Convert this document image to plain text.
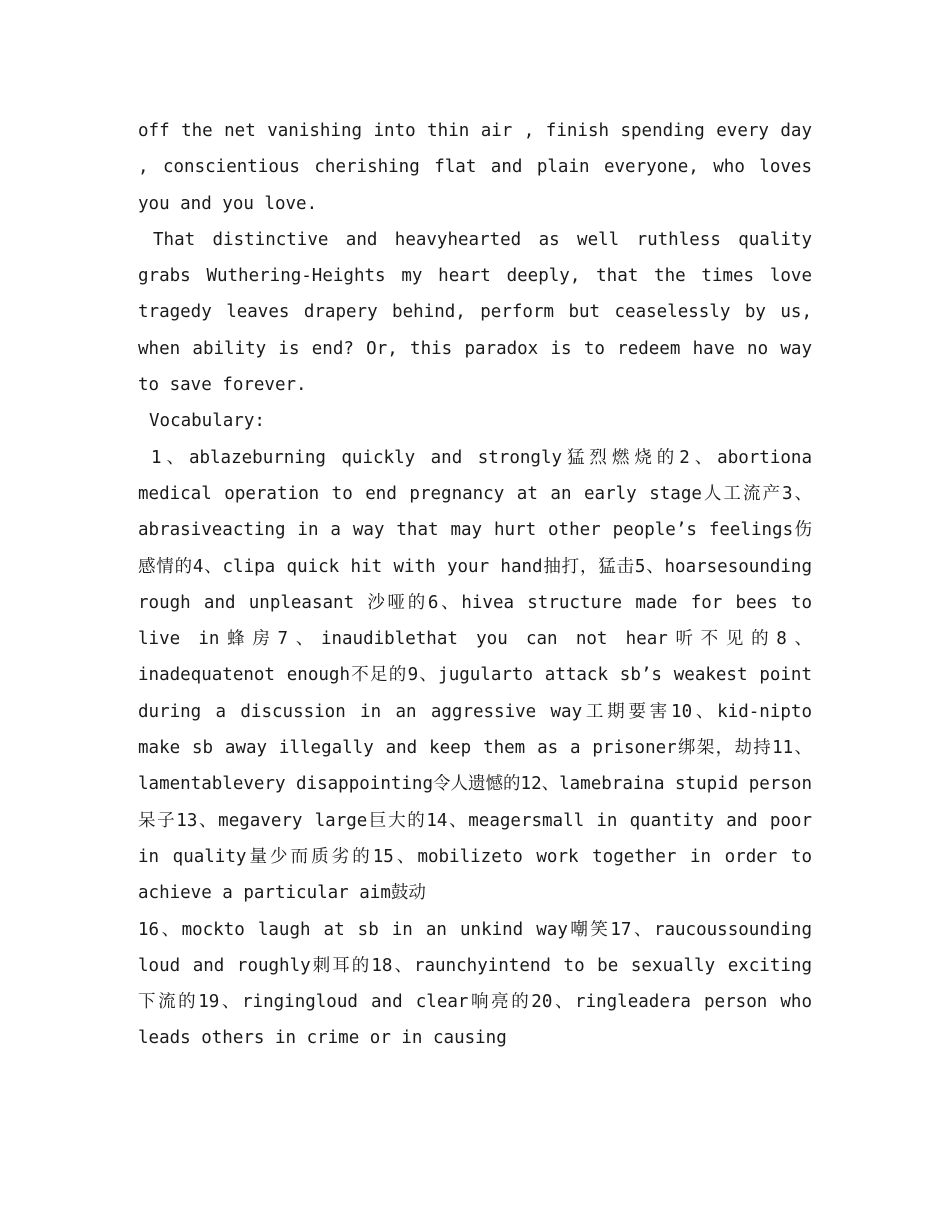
off the net vanishing into thin air , finish spending every day , conscientious cherishing flat and plain everyone, who loves you and you love.

That distinctive and heavyhearted as well ruthless quality grabs Wuthering-Heights my heart deeply, that the times love tragedy leaves drapery behind, perform but ceaselessly by us, when ability is end? Or, this paradox is to redeem have no way to save forever.

Vocabulary:

1、ablazeburning quickly and strongly猛烈燃烧的2、abortiona medical operation to end pregnancy at an early stage人工流产3、abrasiveacting in a way that may hurt other people’s feelings伤感情的4、clipa quick hit with your hand抽打，猛击5、hoarsesounding rough and unpleasant 沙哑的6、hivea structure made for bees to live in蜂房7、inaudiblethat you can not hear听不见的8、inadequatenot enough不足的9、jugularto attack sb’s weakest point during a discussion in an aggressive way工期要害10、kid-nipto make sb away illegally and keep them as a prisoner绑架，劫持11、lamentablevery disappointing令人遗憾的12、lamebraina stupid person呆子13、megavery large巨大的14、meagersmall in quantity and poor in quality量少而质劣的15、mobilizeto work together in order to achieve a particular aim鼓动

16、mockto laugh at sb in an unkind way嘲笑17、raucoussounding loud and roughly刺耳的18、raunchyintend to be sexually exciting 下流的19、ringingloud and clear响亮的20、ringleadera person who leads others in crime or in causing
